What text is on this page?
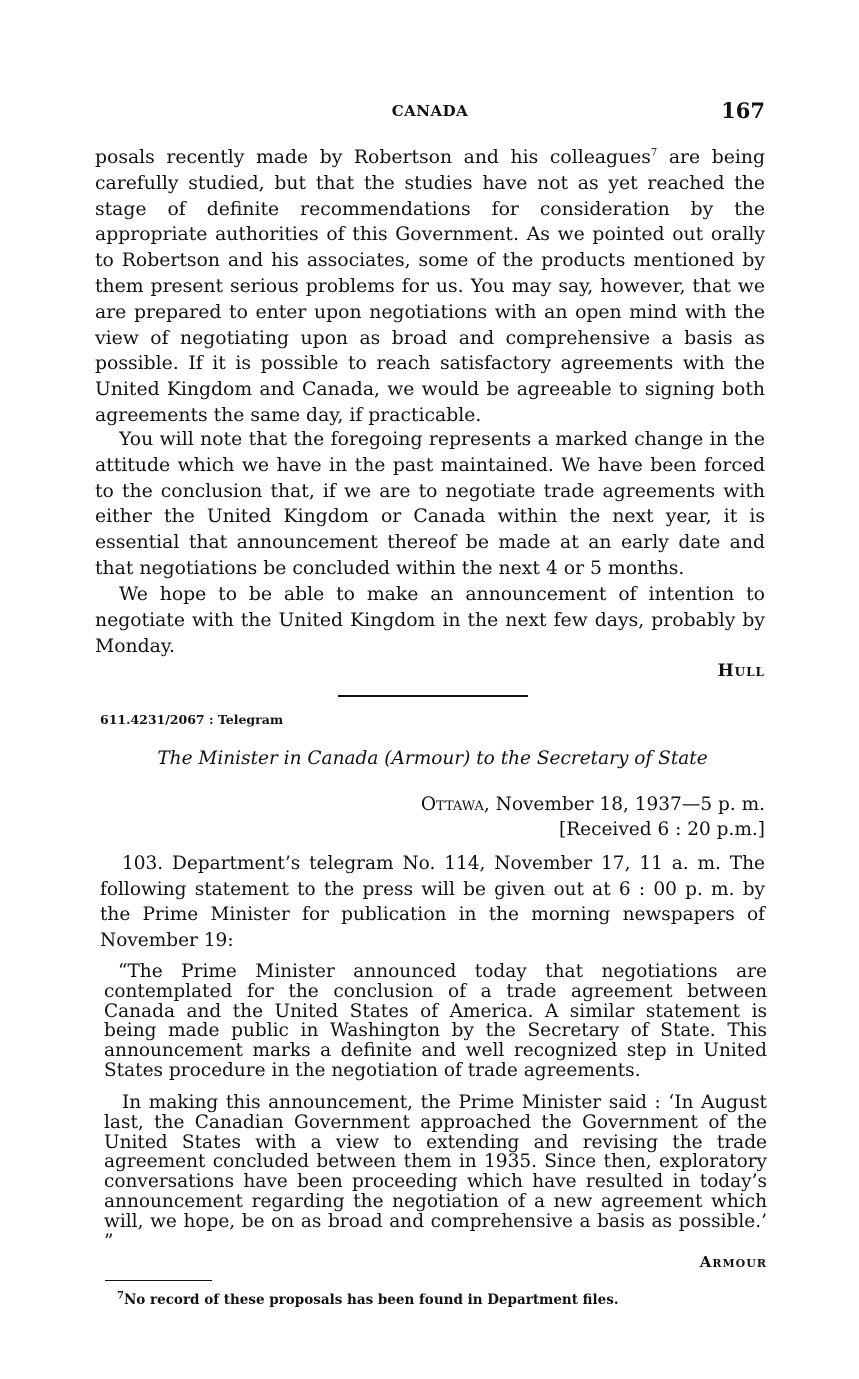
CANADA	167

posals recently made by Robertson and his colleagues$^7$ are being carefully studied, but that the studies have not as yet reached the stage of definite recommendations for consideration by the appropriate authorities of this Government. As we pointed out orally to Robertson and his associates, some of the products mentioned by them present serious problems for us. You may say, however, that we are prepared to enter upon negotiations with an open mind with the view of negotiating upon as broad and comprehensive a basis as possible. If it is possible to reach satisfactory agreements with the United Kingdom and Canada, we would be agreeable to signing both agreements the same day, if practicable.

You will note that the foregoing represents a marked change in the attitude which we have in the past maintained. We have been forced to the conclusion that, if we are to negotiate trade agreements with either the United Kingdom or Canada within the next year, it is essential that announcement thereof be made at an early date and that negotiations be concluded within the next 4 or 5 months.

We hope to be able to make an announcement of intention to negotiate with the United Kingdom in the next few days, probably by Monday.

Hull
611.4231/2067 : Telegram
The Minister in Canada (Armour) to the Secretary of State
Ottawa, November 18, 1937—5 p. m.
[Received 6 : 20 p.m.]

103. Department’s telegram No. 114, November 17, 11 a. m. The following statement to the press will be given out at 6 : 00 p. m. by the Prime Minister for publication in the morning newspapers of November 19:

“The Prime Minister announced today that negotiations are contemplated for the conclusion of a trade agreement between Canada and the United States of America. A similar statement is being made public in Washington by the Secretary of State. This announcement marks a definite and well recognized step in United States procedure in the negotiation of trade agreements.

In making this announcement, the Prime Minister said : ‘In August last, the Canadian Government approached the Government of the United States with a view to extending and revising the trade agreement concluded between them in 1935. Since then, exploratory conversations have been proceeding which have resulted in today’s announcement regarding the negotiation of a new agreement which will, we hope, be on as broad and comprehensive a basis as possible.’ ”

Armour
$^7$No record of these proposals has been found in Department files.
